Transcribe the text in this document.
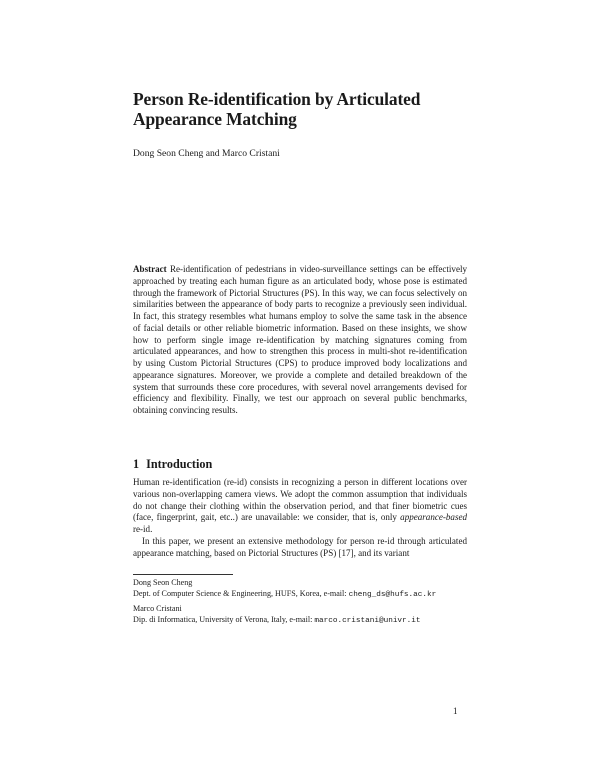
Person Re-identification by Articulated
Appearance Matching
Dong Seon Cheng and Marco Cristani
Abstract Re-identification of pedestrians in video-surveillance settings can be effectively approached by treating each human figure as an articulated body, whose pose is estimated through the framework of Pictorial Structures (PS). In this way, we can focus selectively on similarities between the appearance of body parts to recognize a previously seen individual. In fact, this strategy resembles what humans employ to solve the same task in the absence of facial details or other reliable biometric information. Based on these insights, we show how to perform single image re-identification by matching signatures coming from articulated appearances, and how to strengthen this process in multi-shot re-identification by using Custom Pictorial Structures (CPS) to produce improved body localizations and appearance signatures. Moreover, we provide a complete and detailed breakdown of the system that surrounds these core procedures, with several novel arrangements devised for efficiency and flexibility. Finally, we test our approach on several public benchmarks, obtaining convincing results.
1 Introduction

Human re-identification (re-id) consists in recognizing a person in different locations over various non-overlapping camera views. We adopt the common assumption that individuals do not change their clothing within the observation period, and that finer biometric cues (face, fingerprint, gait, etc..) are unavailable: we consider, that is, only appearance-based re-id.

In this paper, we present an extensive methodology for person re-id through articulated appearance matching, based on Pictorial Structures (PS) [17], and its variant

Dong Seon Cheng
Dept. of Computer Science & Engineering, HUFS, Korea, e-mail: cheng_ds@hufs.ac.kr
Marco Cristani
Dip. di Informatica, University of Verona, Italy, e-mail: marco.cristani@univr.it
1
